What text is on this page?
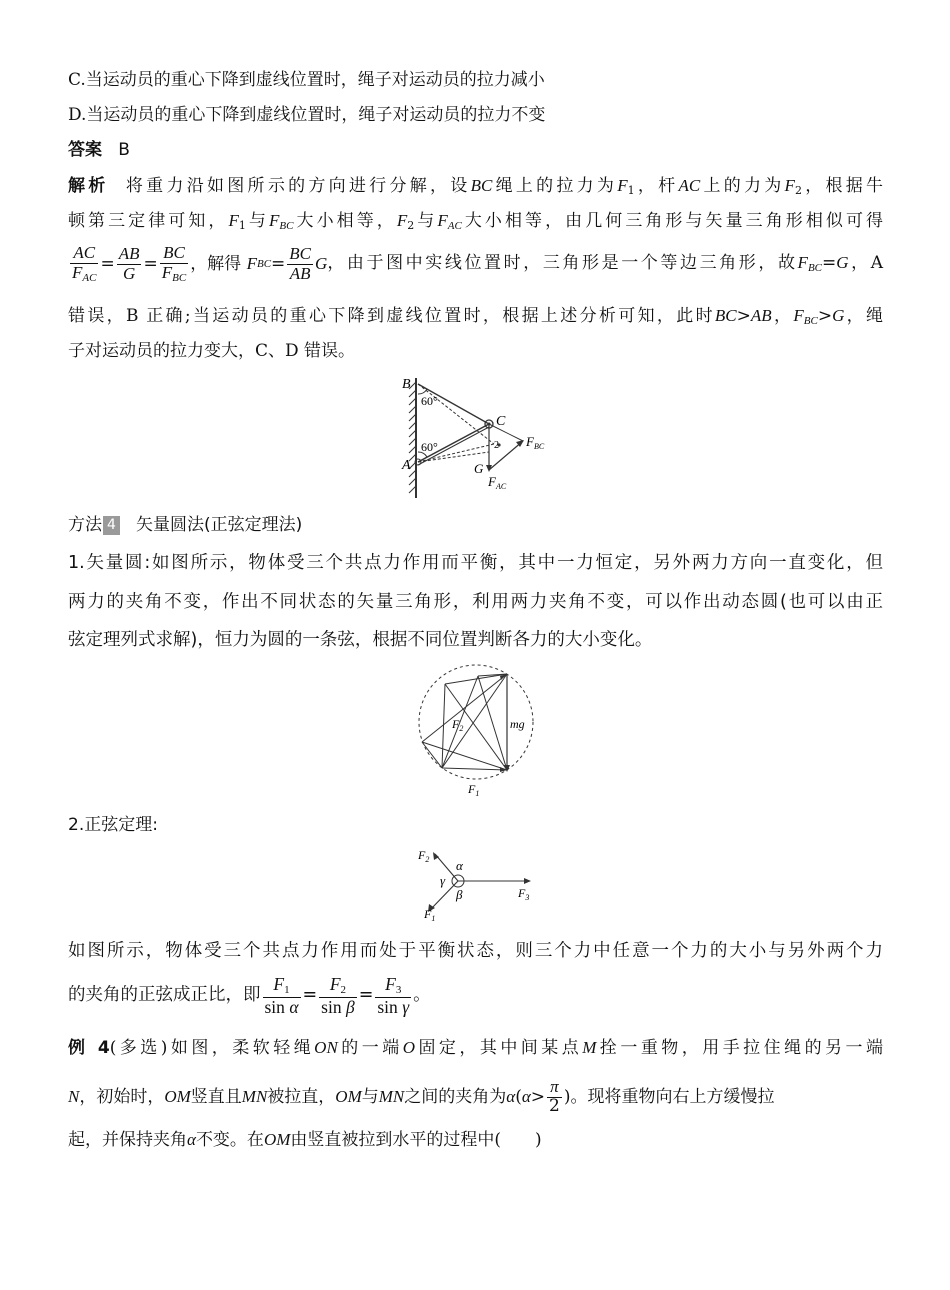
C.当运动员的重心下降到虚线位置时，绳子对运动员的拉力减小
D.当运动员的重心下降到虚线位置时，绳子对运动员的拉力不变
答案 B
解析 将重力沿如图所示的方向进行分解，设BC绳上的拉力为$F_1$，杆AC上的力为$F_2$，根据牛
顿第三定律可知，$F_1$与$F_{BC}$大小相等，$F_2$与$F_{AC}$大小相等，由几何三角形与矢量三角形相似可得
$\frac{AC}{F_{AC}} = \frac{AB}{G} = \frac{BC}{F_{BC}}$ ，解得
F BC = $\frac{BC}{AB}$ G ，由于图中实线位置时，三角形是一个等边三角形，故$F_{BC}=G$，A
错误，B 正确;当运动员的重心下降到虚线位置时，根据上述分析可知，此时BC>AB，$F_{BC}>G$，绳
子对运动员的拉力变大，C、D 错误。
B
A
C
G
60°
60°	2 $F_{BC}$
$F_{AC}$
方法 4 矢量圆法(正弦定理法)
1.矢量圆:如图所示，物体受三个共点力作用而平衡，其中一力恒定，另外两力方向一直变化，但
两力的夹角不变，作出不同状态的矢量三角形，利用两力夹角不变，可以作出动态圆(也可以由正
弦定理列式求解)，恒力为圆的一条弦，根据不同位置判断各力的大小变化。
$F_2$	mg
$F_1$
2.正弦定理:
$F_2$
$F_1$
$F_3$
α
β
γ
如图所示，物体受三个共点力作用而处于平衡状态，则三个力中任意一个力的大小与另外两个力
的夹角的正弦成正比，即 $\frac{F_1}{\text{sin α}} = \frac{F_2}{\text{sin β}} = \frac{F_3}{\text{sin γ}}$ 。
例 4(多选)如图，柔软轻绳ON的一端O固定，其中间某点M拴一重物，用手拉住绳的另一端
N ，初始时， OM 竖直且 MN 被拉直， OM 与 MN 之间的夹角为 α ( $\alpha > \frac{\pi}{2}$ ) 。现将重物向右上方缓慢拉
起，并保持夹角α不变。在OM由竖直被拉到水平的过程中(　　)
